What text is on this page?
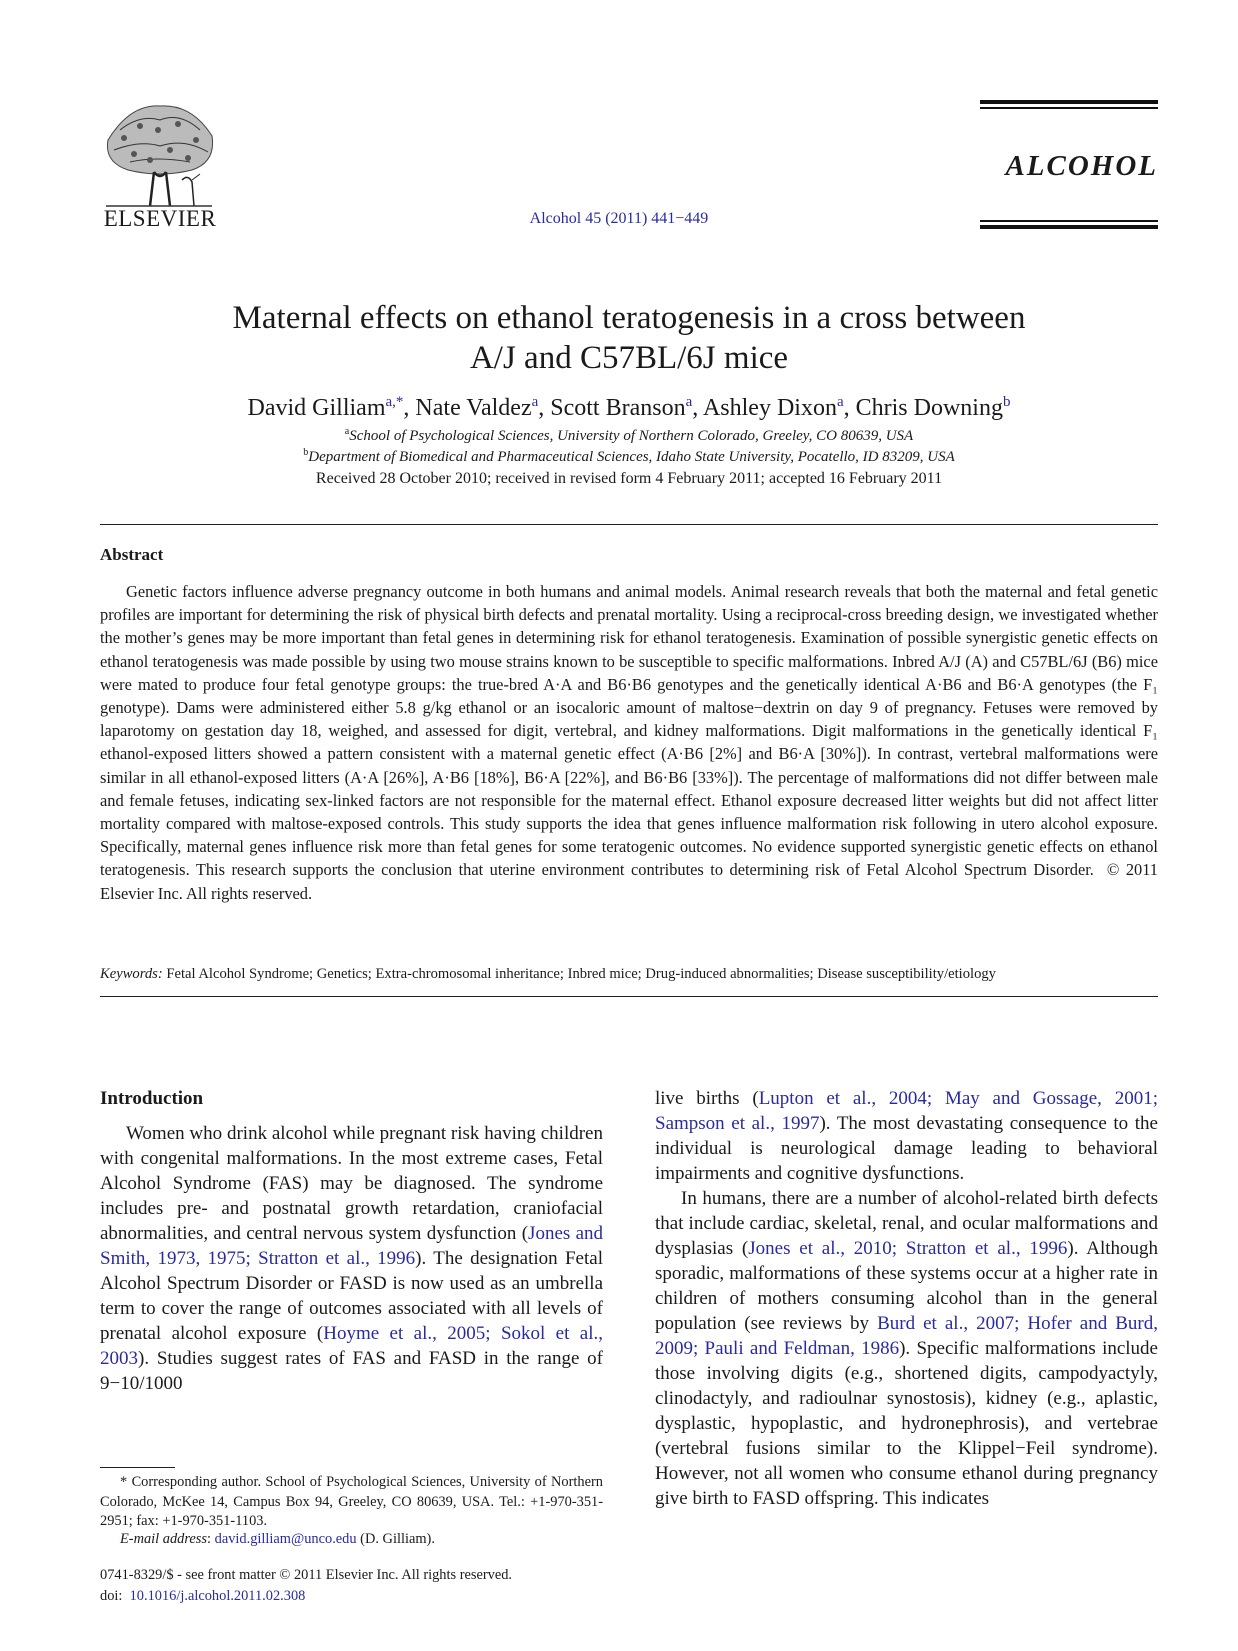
ELSEVIER	Alcohol 45 (2011) 441−449
ALCOHOL
Maternal effects on ethanol teratogenesis in a cross between
A/J and C57BL/6J mice
David Gilliam$^{a,*}$, Nate Valdez$^a$, Scott Branson$^a$, Ashley Dixon$^a$, Chris Downing$^b$
$^a$School of Psychological Sciences, University of Northern Colorado, Greeley, CO 80639, USA
$^b$Department of Biomedical and Pharmaceutical Sciences, Idaho State University, Pocatello, ID 83209, USA
Received 28 October 2010; received in revised form 4 February 2011; accepted 16 February 2011
Abstract

Genetic factors influence adverse pregnancy outcome in both humans and animal models. Animal research reveals that both the maternal and fetal genetic profiles are important for determining the risk of physical birth defects and prenatal mortality. Using a reciprocal-cross breeding design, we investigated whether the mother’s genes may be more important than fetal genes in determining risk for ethanol teratogenesis. Examination of possible synergistic genetic effects on ethanol teratogenesis was made possible by using two mouse strains known to be susceptible to specific malformations. Inbred A/J (A) and C57BL/6J (B6) mice were mated to produce four fetal genotype groups: the true-bred A·A and B6·B6 genotypes and the genetically identical A·B6 and B6·A genotypes (the F₁ genotype). Dams were administered either 5.8 g/kg ethanol or an isocaloric amount of maltose−dextrin on day 9 of pregnancy. Fetuses were removed by laparotomy on gestation day 18, weighed, and assessed for digit, vertebral, and kidney malformations. Digit malformations in the genetically identical F₁ ethanol-exposed litters showed a pattern consistent with a maternal genetic effect (A·B6 [2%] and B6·A [30%]). In contrast, vertebral malformations were similar in all ethanol-exposed litters (A·A [26%], A·B6 [18%], B6·A [22%], and B6·B6 [33%]). The percentage of malformations did not differ between male and female fetuses, indicating sex-linked factors are not responsible for the maternal effect. Ethanol exposure decreased litter weights but did not affect litter mortality compared with maltose-exposed controls. This study supports the idea that genes influence malformation risk following in utero alcohol exposure. Specifically, maternal genes influence risk more than fetal genes for some teratogenic outcomes. No evidence supported synergistic genetic effects on ethanol teratogenesis. This research supports the conclusion that uterine environment contributes to determining risk of Fetal Alcohol Spectrum Disorder.  © 2011 Elsevier Inc. All rights reserved.

Keywords: Fetal Alcohol Syndrome; Genetics; Extra-chromosomal inheritance; Inbred mice; Drug-induced abnormalities; Disease susceptibility/etiology

Introduction

Women who drink alcohol while pregnant risk having children with congenital malformations. In the most extreme cases, Fetal Alcohol Syndrome (FAS) may be diagnosed. The syndrome includes pre- and postnatal growth retardation, craniofacial abnormalities, and central nervous system dysfunction (Jones and Smith, 1973, 1975; Stratton et al., 1996). The designation Fetal Alcohol Spectrum Disorder or FASD is now used as an umbrella term to cover the range of outcomes associated with all levels of prenatal alcohol exposure (Hoyme et al., 2005; Sokol et al., 2003). Studies suggest rates of FAS and FASD in the range of 9−10/1000

live births (Lupton et al., 2004; May and Gossage, 2001; Sampson et al., 1997). The most devastating consequence to the individual is neurological damage leading to behavioral impairments and cognitive dysfunctions.

In humans, there are a number of alcohol-related birth defects that include cardiac, skeletal, renal, and ocular malformations and dysplasias (Jones et al., 2010; Stratton et al., 1996). Although sporadic, malformations of these systems occur at a higher rate in children of mothers consuming alcohol than in the general population (see reviews by Burd et al., 2007; Hofer and Burd, 2009; Pauli and Feldman, 1986). Specific malformations include those involving digits (e.g., shortened digits, campodyactyly, clinodactyly, and radioulnar synostosis), kidney (e.g., aplastic, dysplastic, hypoplastic, and hydronephrosis), and vertebrae (vertebral fusions similar to the Klippel−Feil syndrome). However, not all women who consume ethanol during pregnancy give birth to FASD offspring. This indicates

* Corresponding author. School of Psychological Sciences, University of Northern Colorado, McKee 14, Campus Box 94, Greeley, CO 80639, USA. Tel.: +1-970-351-2951; fax: +1-970-351-1103.

E-mail address: david.gilliam@unco.edu (D. Gilliam).
0741-8329/$ - see front matter © 2011 Elsevier Inc. All rights reserved.
doi: 10.1016/j.alcohol.2011.02.308
